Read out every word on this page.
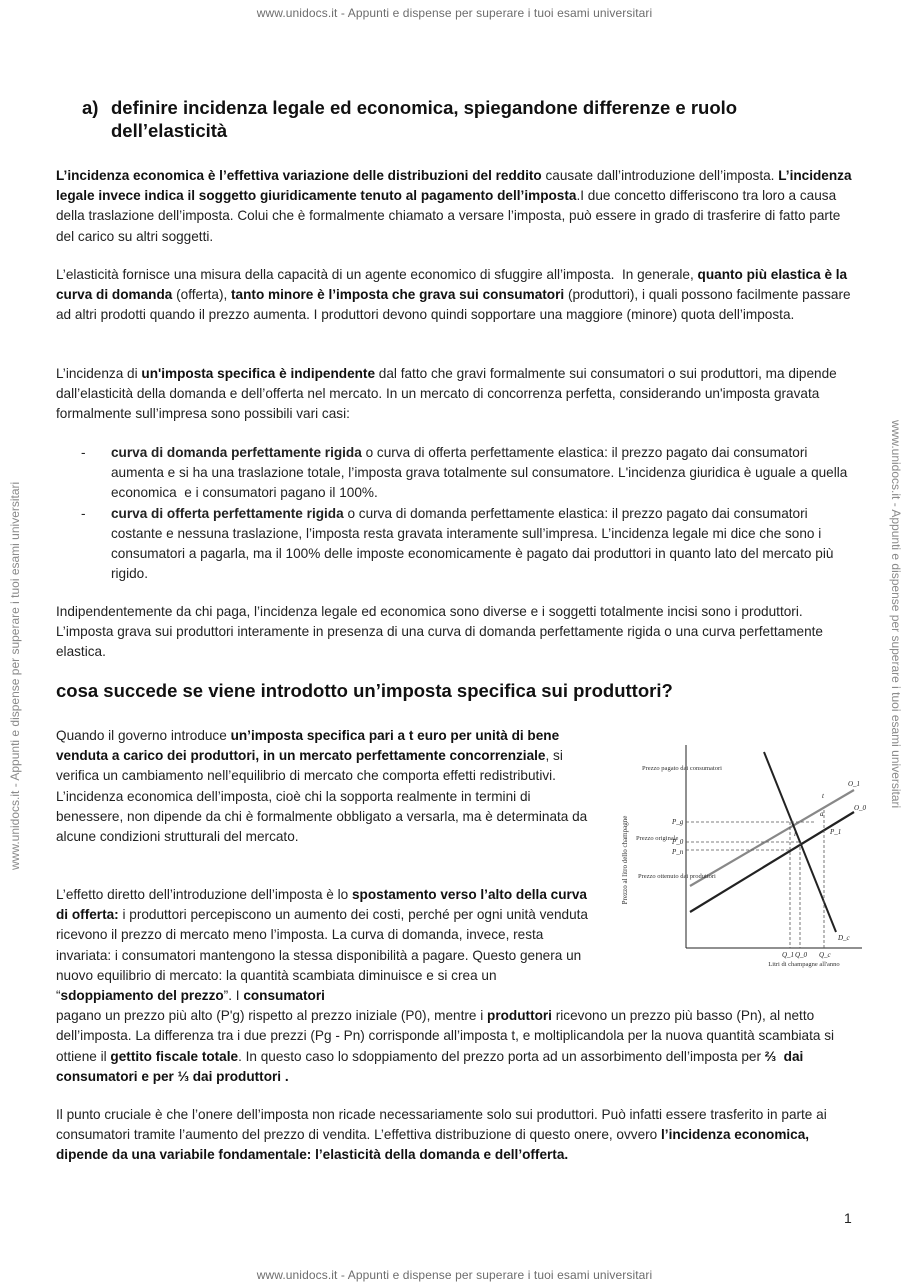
www.unidocs.it - Appunti e dispense per superare i tuoi esami universitari
www.unidocs.it - Appunti e dispense per superare i tuoi esami universitari	www.unidocs.it - Appunti e dispense per superare i tuoi esami universitari
a) definire incidenza legale ed economica, spiegandone differenze e ruolo dell’elasticità
L’incidenza economica è l’effettiva variazione delle distribuzioni del reddito causate dall’introduzione dell’imposta. L’incidenza legale invece indica il soggetto giuridicamente tenuto al pagamento dell’imposta.I due concetto differiscono tra loro a causa della traslazione dell’imposta. Colui che è formalmente chiamato a versare l’imposta, può essere in grado di trasferire di fatto parte del carico su altri soggetti.
L’elasticità fornisce una misura della capacità di un agente economico di sfuggire all’imposta.  In generale, quanto più elastica è la curva di domanda (offerta), tanto minore è l’imposta che grava sui consumatori (produttori), i quali possono facilmente passare ad altri prodotti quando il prezzo aumenta. I produttori devono quindi sopportare una maggiore (minore) quota dell’imposta.
L’incidenza di un'imposta specifica è indipendente dal fatto che gravi formalmente sui consumatori o sui produttori, ma dipende dall’elasticità della domanda e dell’offerta nel mercato. In un mercato di concorrenza perfetta, considerando un'imposta gravata formalmente sull’impresa sono possibili vari casi:
- curva di domanda perfettamente rigida o curva di offerta perfettamente elastica: il prezzo pagato dai consumatori aumenta e si ha una traslazione totale, l’imposta grava totalmente sul consumatore. L'incidenza giuridica è uguale a quella economica  e i consumatori pagano il 100%.
- curva di offerta perfettamente rigida o curva di domanda perfettamente elastica: il prezzo pagato dai consumatori costante e nessuna traslazione, l’imposta resta gravata interamente sull’impresa. L’incidenza legale mi dice che sono i consumatori a pagarla, ma il 100% delle imposte economicamente è pagato dai produttori in quanto lato del mercato più rigido.
Indipendentemente da chi paga, l’incidenza legale ed economica sono diverse e i soggetti totalmente incisi sono i produttori. L’imposta grava sui produttori interamente in presenza di una curva di domanda perfettamente rigida o una curva perfettamente elastica.
cosa succede se viene introdotto un’imposta specifica sui produttori?
Quando il governo introduce un’imposta specifica pari a t euro per unità di bene venduta a carico dei produttori, in un mercato perfettamente concorrenziale, si verifica un cambiamento nell’equilibrio di mercato che comporta effetti redistributivi. L’incidenza economica dell’imposta, cioè chi la sopporta realmente in termini di benessere, non dipende da chi è formalmente obbligato a versarla, ma è determinata da alcune condizioni strutturali del mercato.
L’effetto diretto dell’introduzione dell’imposta è lo spostamento verso l’alto della curva di offerta: i produttori percepiscono un aumento dei costi, perché per ogni unità venduta ricevono il prezzo di mercato meno l’imposta. La curva di domanda, invece, resta invariata: i consumatori mantengono la stessa disponibilità a pagare. Questo genera un nuovo equilibrio di mercato: la quantità scambiata diminuisce e si crea un “sdoppiamento del prezzo”. I consumatori
pagano un prezzo più alto (P'g) rispetto al prezzo iniziale (P0), mentre i produttori ricevono un prezzo più basso (Pn), al netto dell’imposta. La differenza tra i due prezzi (Pg - Pn) corrisponde all’imposta t, e moltiplicandola per la nuova quantità scambiata si ottiene il gettito fiscale totale. In questo caso lo sdoppiamento del prezzo porta ad un assorbimento dell’imposta per ⅔  dai consumatori e per ⅓ dai produttori .
Il punto cruciale è che l’onere dell’imposta non ricade necessariamente solo sui produttori. Può infatti essere trasferito in parte ai consumatori tramite l’aumento del prezzo di vendita. L’effettiva distribuzione di questo onere, ovvero l’incidenza economica, dipende da una variabile fondamentale: l’elasticità della domanda e dell’offerta.
Prezzo al litro dello champagne
Prezzo pagato dai consumatori
Prezzo originale
Prezzo ottenuto dai produttori
P_g
P_0
P_n
Q_1 Q_0 Q_c
O_1
O_0
D_c
P_1
a
t
i
Litri di champagne all'anno
1
www.unidocs.it - Appunti e dispense per superare i tuoi esami universitari
